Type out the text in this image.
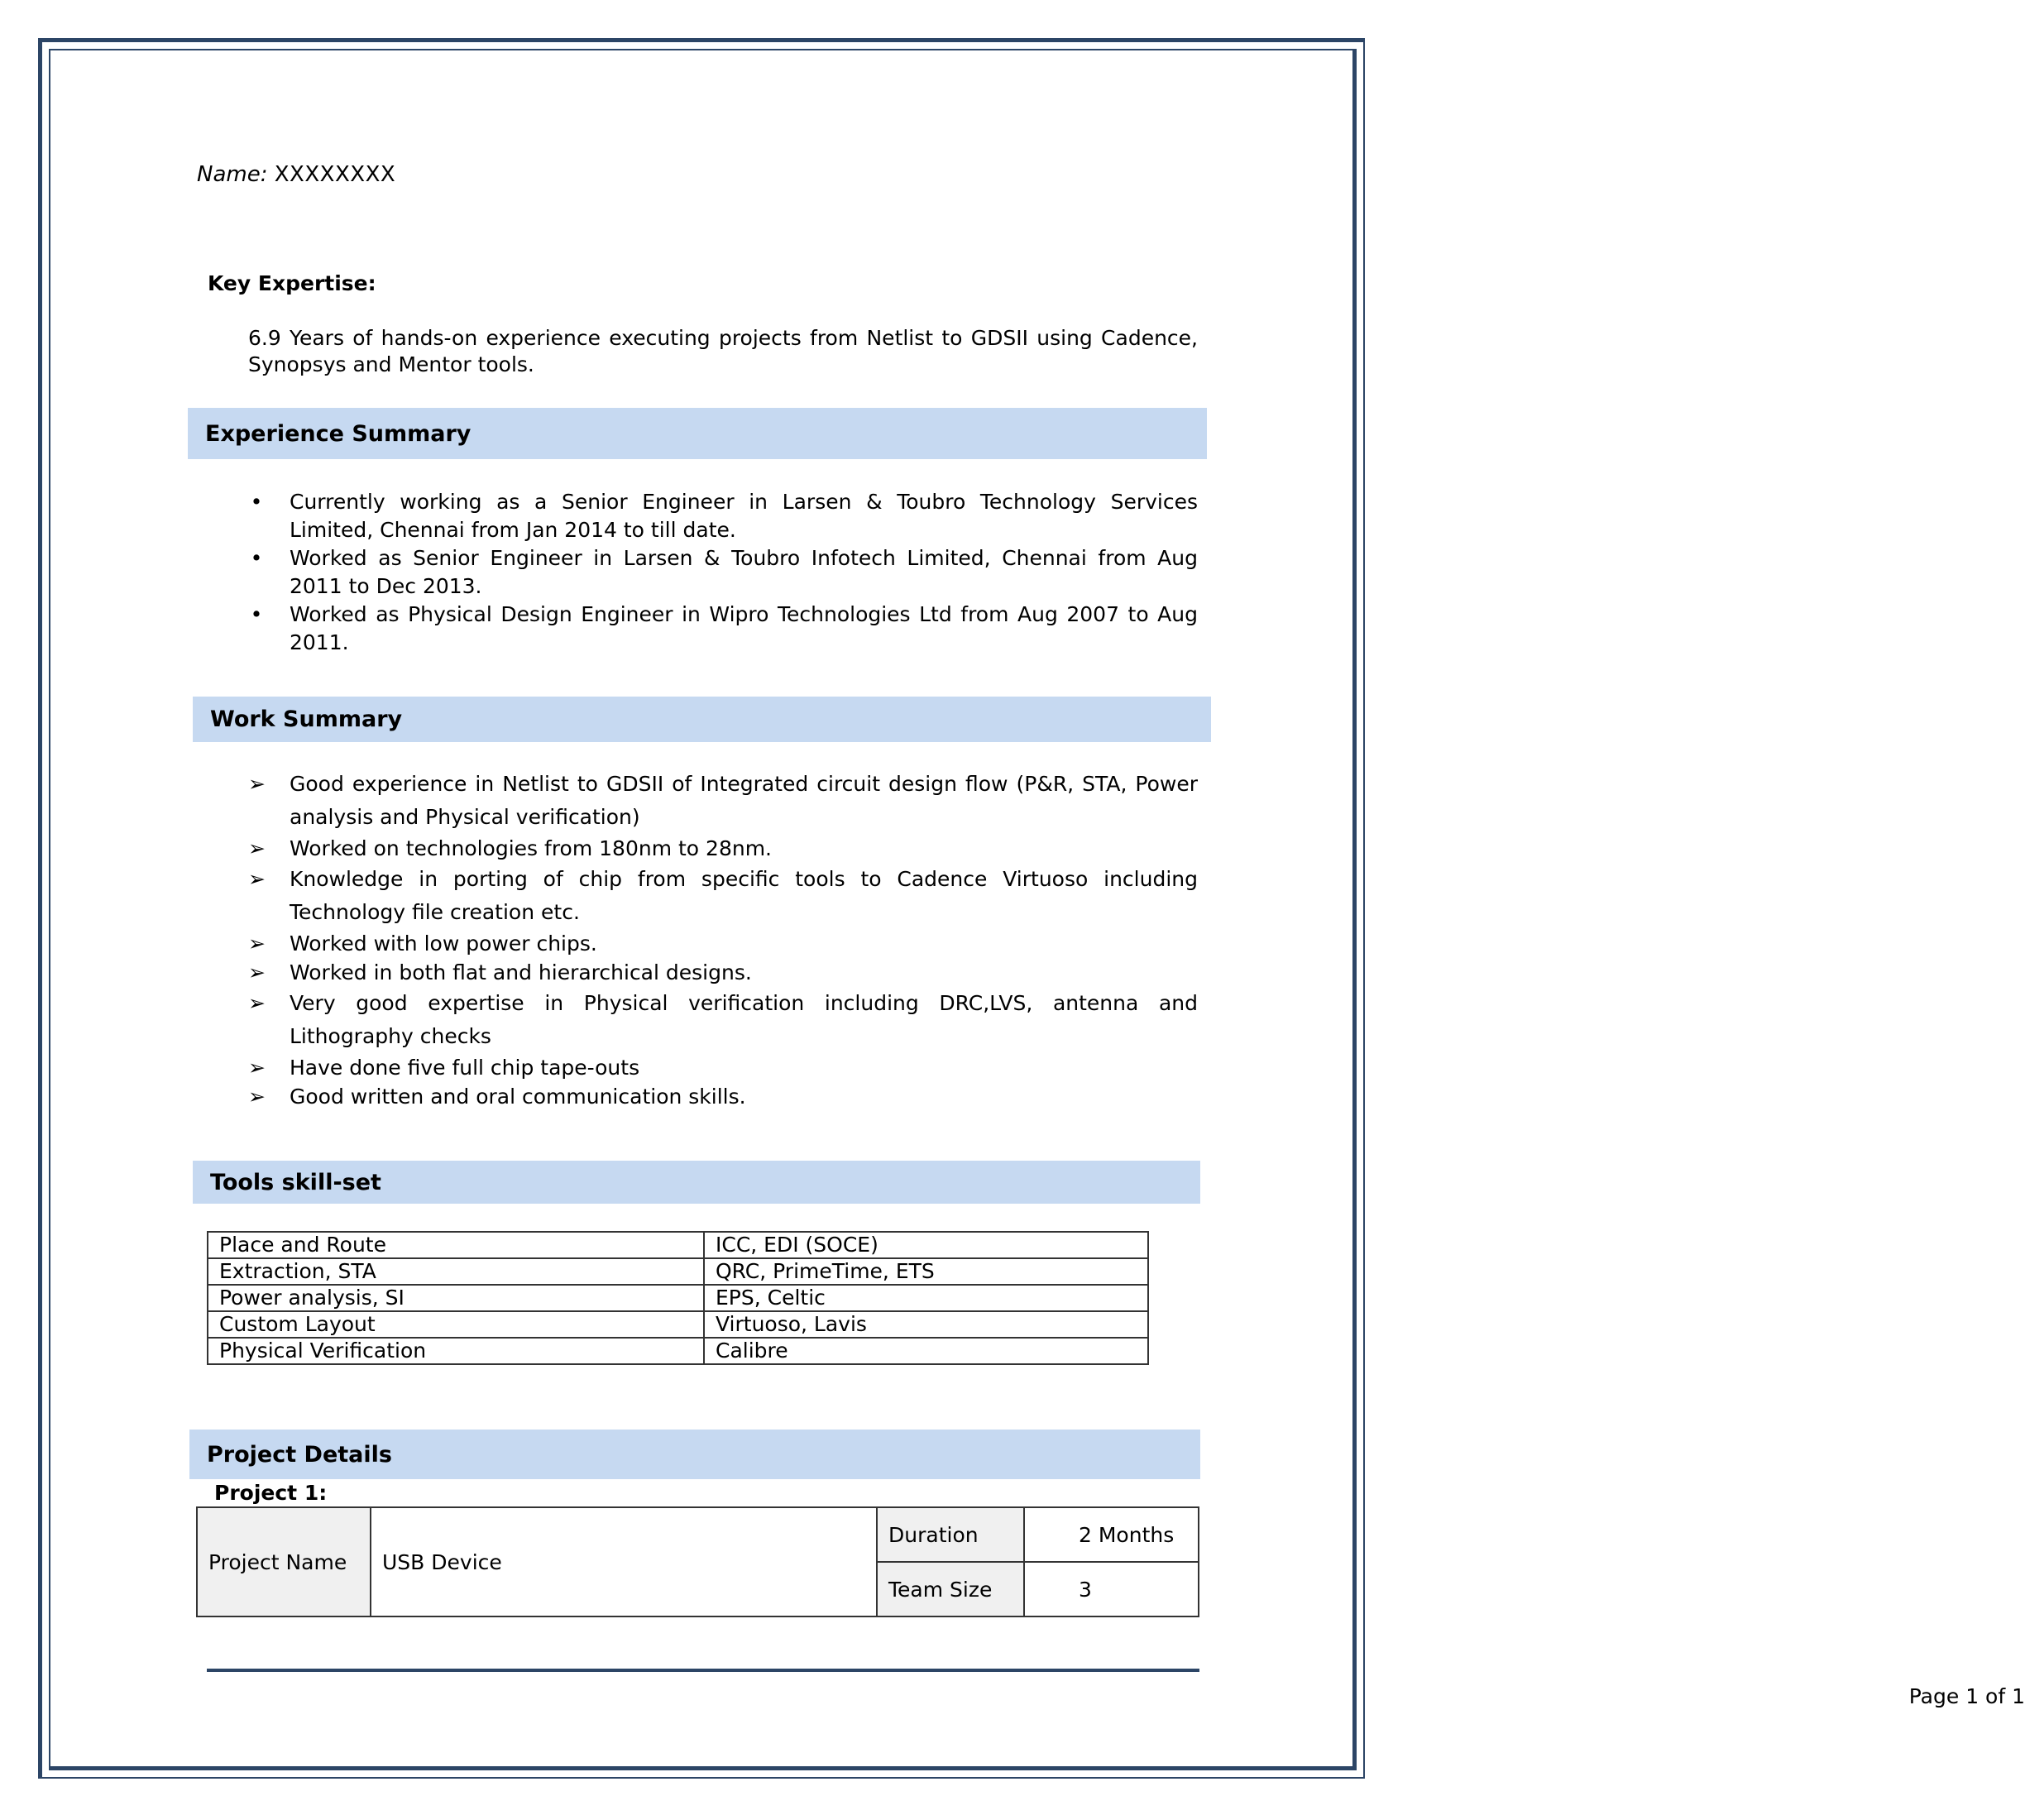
Name: XXXXXXXX
Key Expertise:
6.9 Years of hands-on experience executing projects from Netlist to GDSII using Cadence, Synopsys and Mentor tools.
Experience Summary
• Currently working as a Senior Engineer in Larsen & Toubro Technology Services Limited, Chennai from Jan 2014 to till date.
• Worked as Senior Engineer in Larsen & Toubro Infotech Limited, Chennai from Aug 2011 to Dec 2013.
• Worked as Physical Design Engineer in Wipro Technologies Ltd from Aug 2007 to Aug 2011.
Work Summary
➢ Good experience in Netlist to GDSII of Integrated circuit design flow (P&R, STA, Power analysis and Physical verification)
➢ Worked on technologies from 180nm to 28nm.
➢ Knowledge in porting of chip from specific tools to Cadence Virtuoso including Technology file creation etc.
➢ Worked with low power chips.
➢ Worked in both flat and hierarchical designs.
➢ Very good expertise in Physical verification including DRC,LVS, antenna and Lithography checks
➢ Have done five full chip tape-outs
➢ Good written and oral communication skills.
Tools skill-set
Place and Route	ICC, EDI (SOCE)
Extraction, STA	QRC, PrimeTime, ETS
Power analysis, SI	EPS, Celtic
Custom Layout	Virtuoso, Lavis
Physical Verification	Calibre
Project Details
Project 1:
Project Name	USB Device	Duration	2 Months
		Team Size	3
Page 1 of 1
